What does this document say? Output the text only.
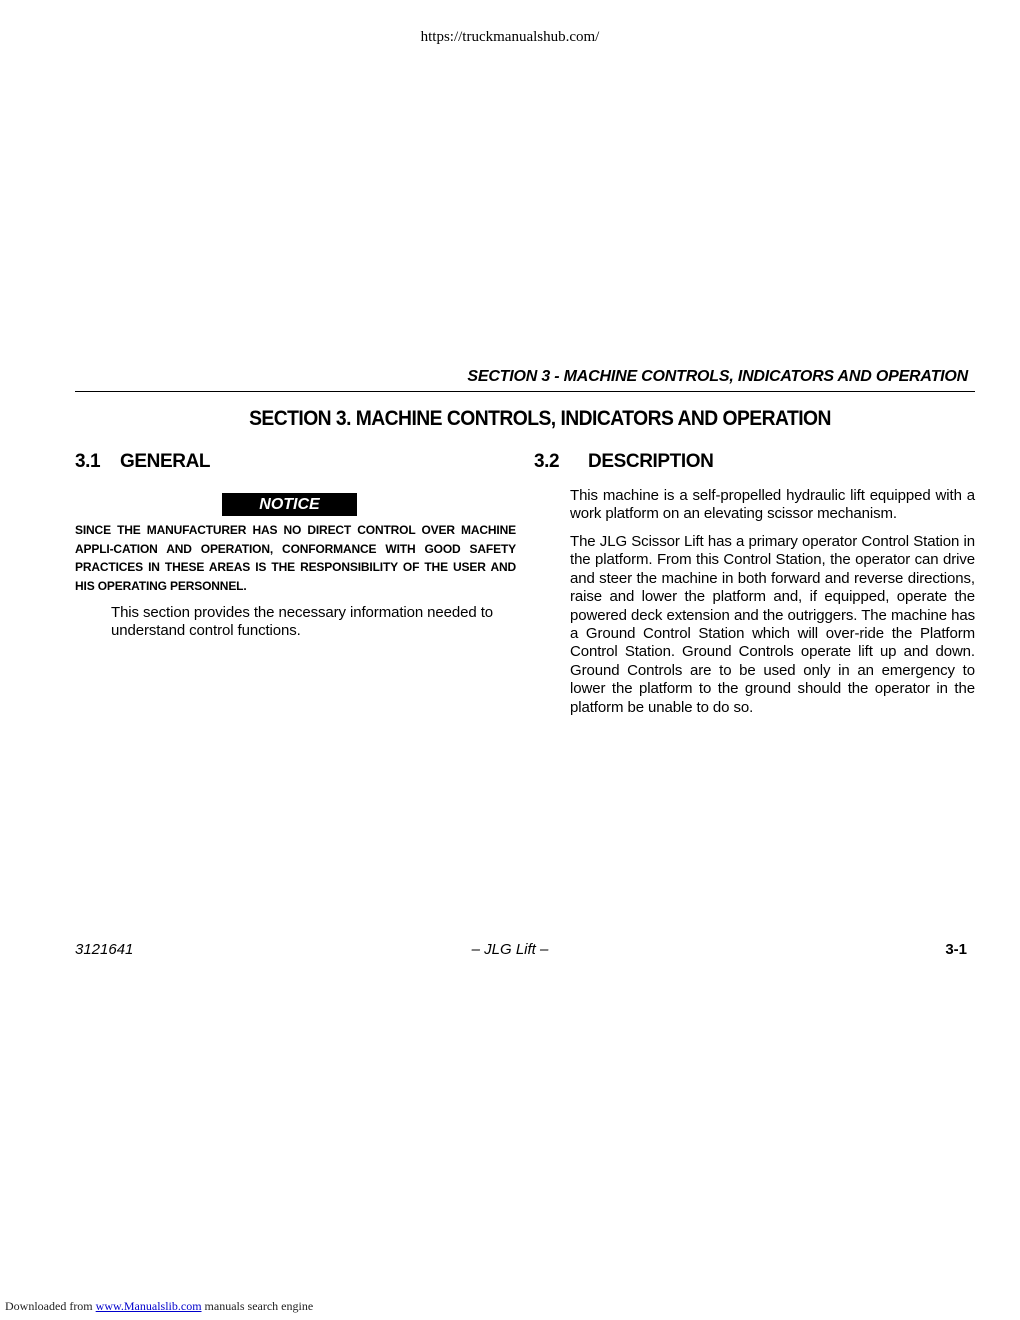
https://truckmanualshub.com/
SECTION 3 - MACHINE CONTROLS, INDICATORS AND OPERATION
SECTION 3. MACHINE CONTROLS, INDICATORS AND OPERATION
3.1 GENERAL	3.2 DESCRIPTION
NOTICE
SINCE THE MANUFACTURER HAS NO DIRECT CONTROL OVER MACHINE APPLI-CATION AND OPERATION, CONFORMANCE WITH GOOD SAFETY PRACTICES IN THESE AREAS IS THE RESPONSIBILITY OF THE USER AND HIS OPERATING PERSONNEL.
This section provides the necessary information needed to understand control functions.
This machine is a self-propelled hydraulic lift equipped with a work platform on an elevating scissor mechanism.
The JLG Scissor Lift has a primary operator Control Station in the platform. From this Control Station, the operator can drive and steer the machine in both forward and reverse directions, raise and lower the platform and, if equipped, operate the powered deck extension and the outriggers. The machine has a Ground Control Station which will over-ride the Platform Control Station. Ground Controls operate lift up and down. Ground Controls are to be used only in an emergency to lower the platform to the ground should the operator in the platform be unable to do so.
3121641	– JLG Lift –	3-1
Downloaded from www.Manualslib.com manuals search engine
